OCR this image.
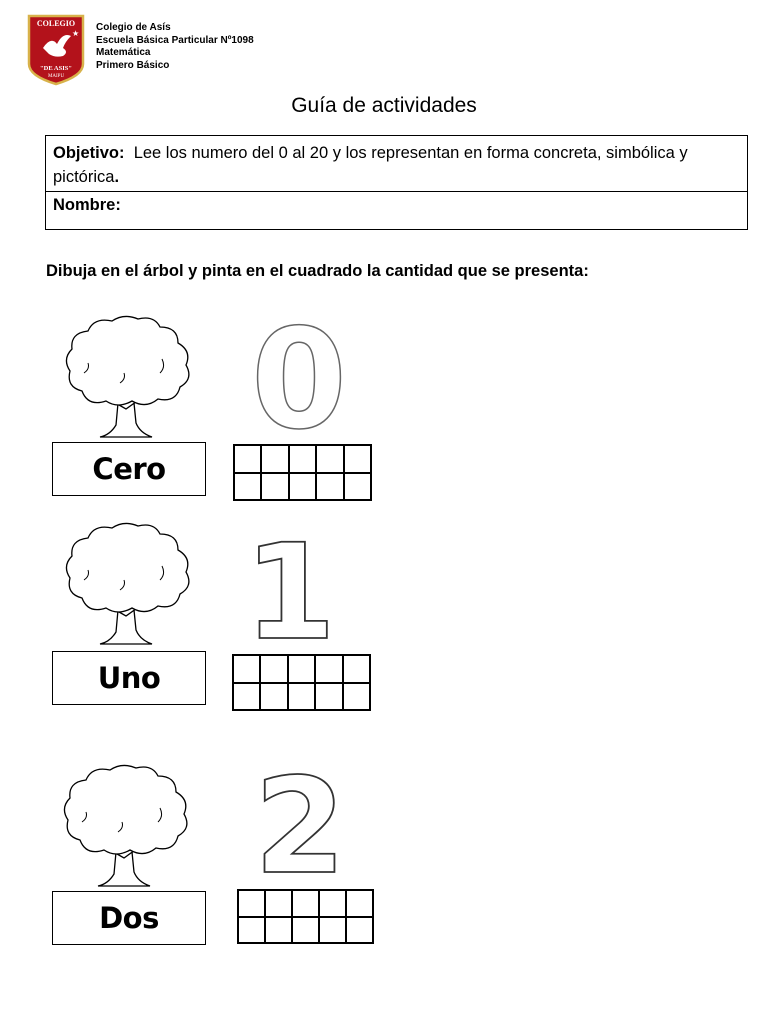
COLEGIO
★
"DE ASIS"
MAIPU
Colegio de Asís
Escuela Básica Particular Nº1098
Matemática
Primero Básico
Guía de actividades
Objetivo: Lee los numero del 0 al 20 y los representan en forma concreta, simbólica y pictórica.
Nombre:
Dibuja en el árbol y pinta en el cuadrado la cantidad que se presenta:
0
Cero
1
Uno
2
Dos
